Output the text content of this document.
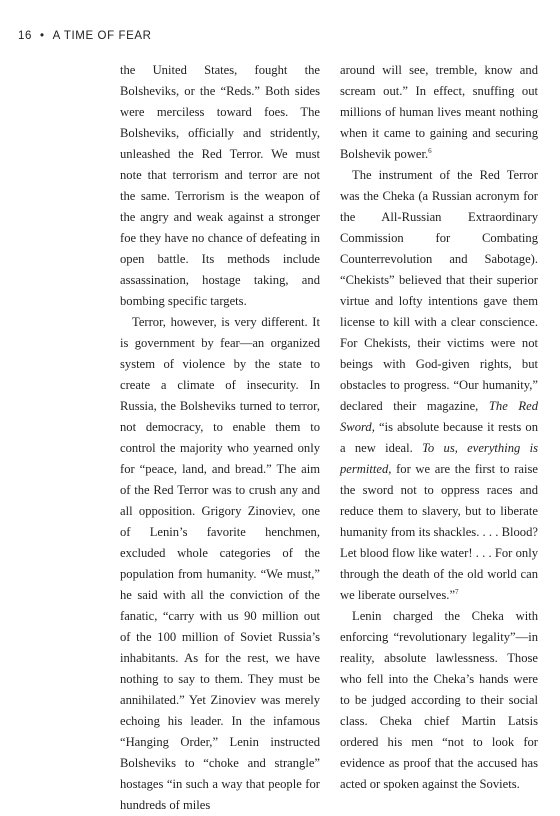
16 • A TIME OF FEAR

the United States, fought the Bolsheviks, or the “Reds.” Both sides were merciless toward foes. The Bolsheviks, officially and stridently, unleashed the Red Terror. We must note that terrorism and terror are not the same. Terrorism is the weapon of the angry and weak against a stronger foe they have no chance of defeating in open battle. Its methods include assassination, hostage taking, and bombing specific targets.

Terror, however, is very different. It is government by fear—an organized system of violence by the state to create a climate of insecurity. In Russia, the Bolsheviks turned to terror, not democracy, to enable them to control the majority who yearned only for “peace, land, and bread.” The aim of the Red Terror was to crush any and all opposition. Grigory Zinoviev, one of Lenin’s favorite henchmen, excluded whole categories of the population from humanity. “We must,” he said with all the conviction of the fanatic, “carry with us 90 million out of the 100 million of Soviet Russia’s inhabitants. As for the rest, we have nothing to say to them. They must be annihilated.” Yet Zinoviev was merely echoing his leader. In the infamous “Hanging Order,” Lenin instructed Bolsheviks to “choke and strangle” hostages “in such a way that people for hundreds of miles

around will see, tremble, know and scream out.” In effect, snuffing out millions of human lives meant nothing when it came to gaining and securing Bolshevik power.$^6$

The instrument of the Red Terror was the Cheka (a Russian acronym for the All-Russian Extraordinary Commission for Combating Counterrevolution and Sabotage). “Chekists” believed that their superior virtue and lofty intentions gave them license to kill with a clear conscience. For Chekists, their victims were not beings with God-given rights, but obstacles to progress. “Our humanity,” declared their magazine, The Red Sword, “is absolute because it rests on a new ideal. To us, everything is permitted, for we are the first to raise the sword not to oppress races and reduce them to slavery, but to liberate humanity from its shackles. . . . Blood? Let blood flow like water! . . . For only through the death of the old world can we liberate ourselves.”$^7$

Lenin charged the Cheka with enforcing “revolutionary legality”—in reality, absolute lawlessness. Those who fell into the Cheka’s hands were to be judged according to their social class. Cheka chief Martin Latsis ordered his men “not to look for evidence as proof that the accused has acted or spoken against the Soviets.
